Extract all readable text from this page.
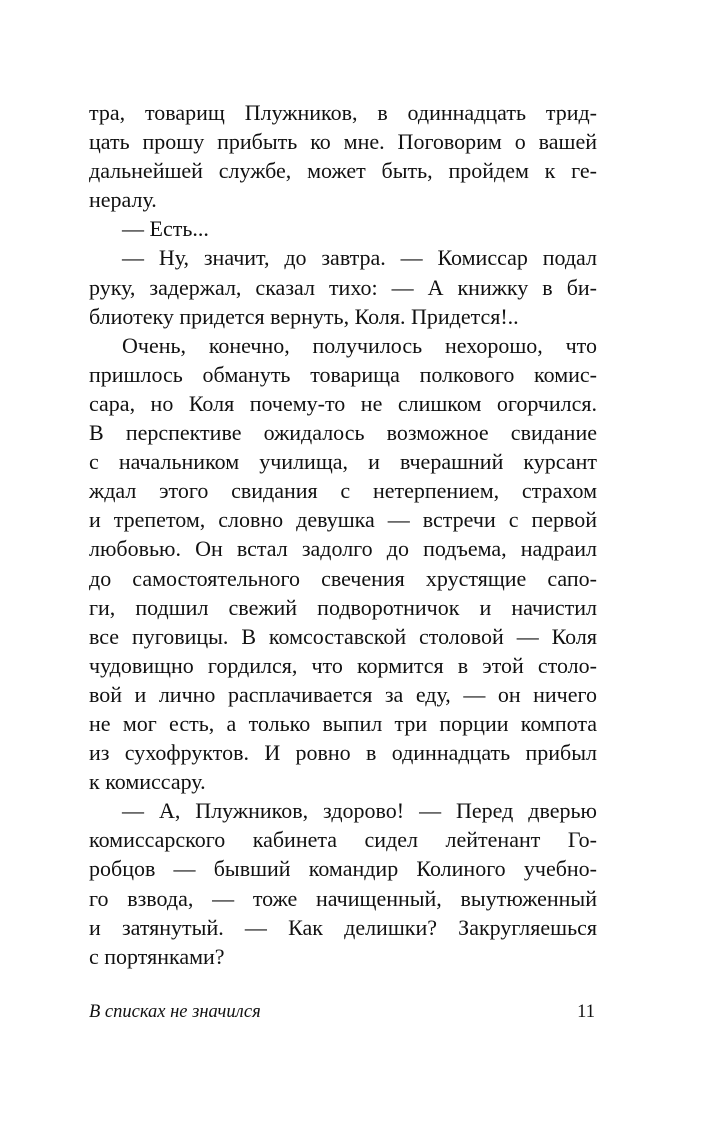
тра, товарищ Плужников, в одиннадцать трид-
цать прошу прибыть ко мне. Поговорим о вашей
дальнейшей службе, может быть, пройдем к ге-
нералу.
— Есть...
— Ну, значит, до завтра. — Комиссар подал
руку, задержал, сказал тихо: — А книжку в би-
блиотеку придется вернуть, Коля. Придется!..
Очень, конечно, получилось нехорошо, что
пришлось обмануть товарища полкового комис-
сара, но Коля почему-то не слишком огорчился.
В перспективе ожидалось возможное свидание
с начальником училища, и вчерашний курсант
ждал этого свидания с нетерпением, страхом
и трепетом, словно девушка — встречи с первой
любовью. Он встал задолго до подъема, надраил
до самостоятельного свечения хрустящие сапо-
ги, подшил свежий подворотничок и начистил
все пуговицы. В комсоставской столовой — Коля
чудовищно гордился, что кормится в этой столо-
вой и лично расплачивается за еду, — он ничего
не мог есть, а только выпил три порции компота
из сухофруктов. И ровно в одиннадцать прибыл
к комиссару.
— А, Плужников, здорово! — Перед дверью
комиссарского кабинета сидел лейтенант Го-
робцов — бывший командир Колиного учебно-
го взвода, — тоже начищенный, выутюженный
и затянутый. — Как делишки? Закругляешься
с портянками?
В списках не значился	11
